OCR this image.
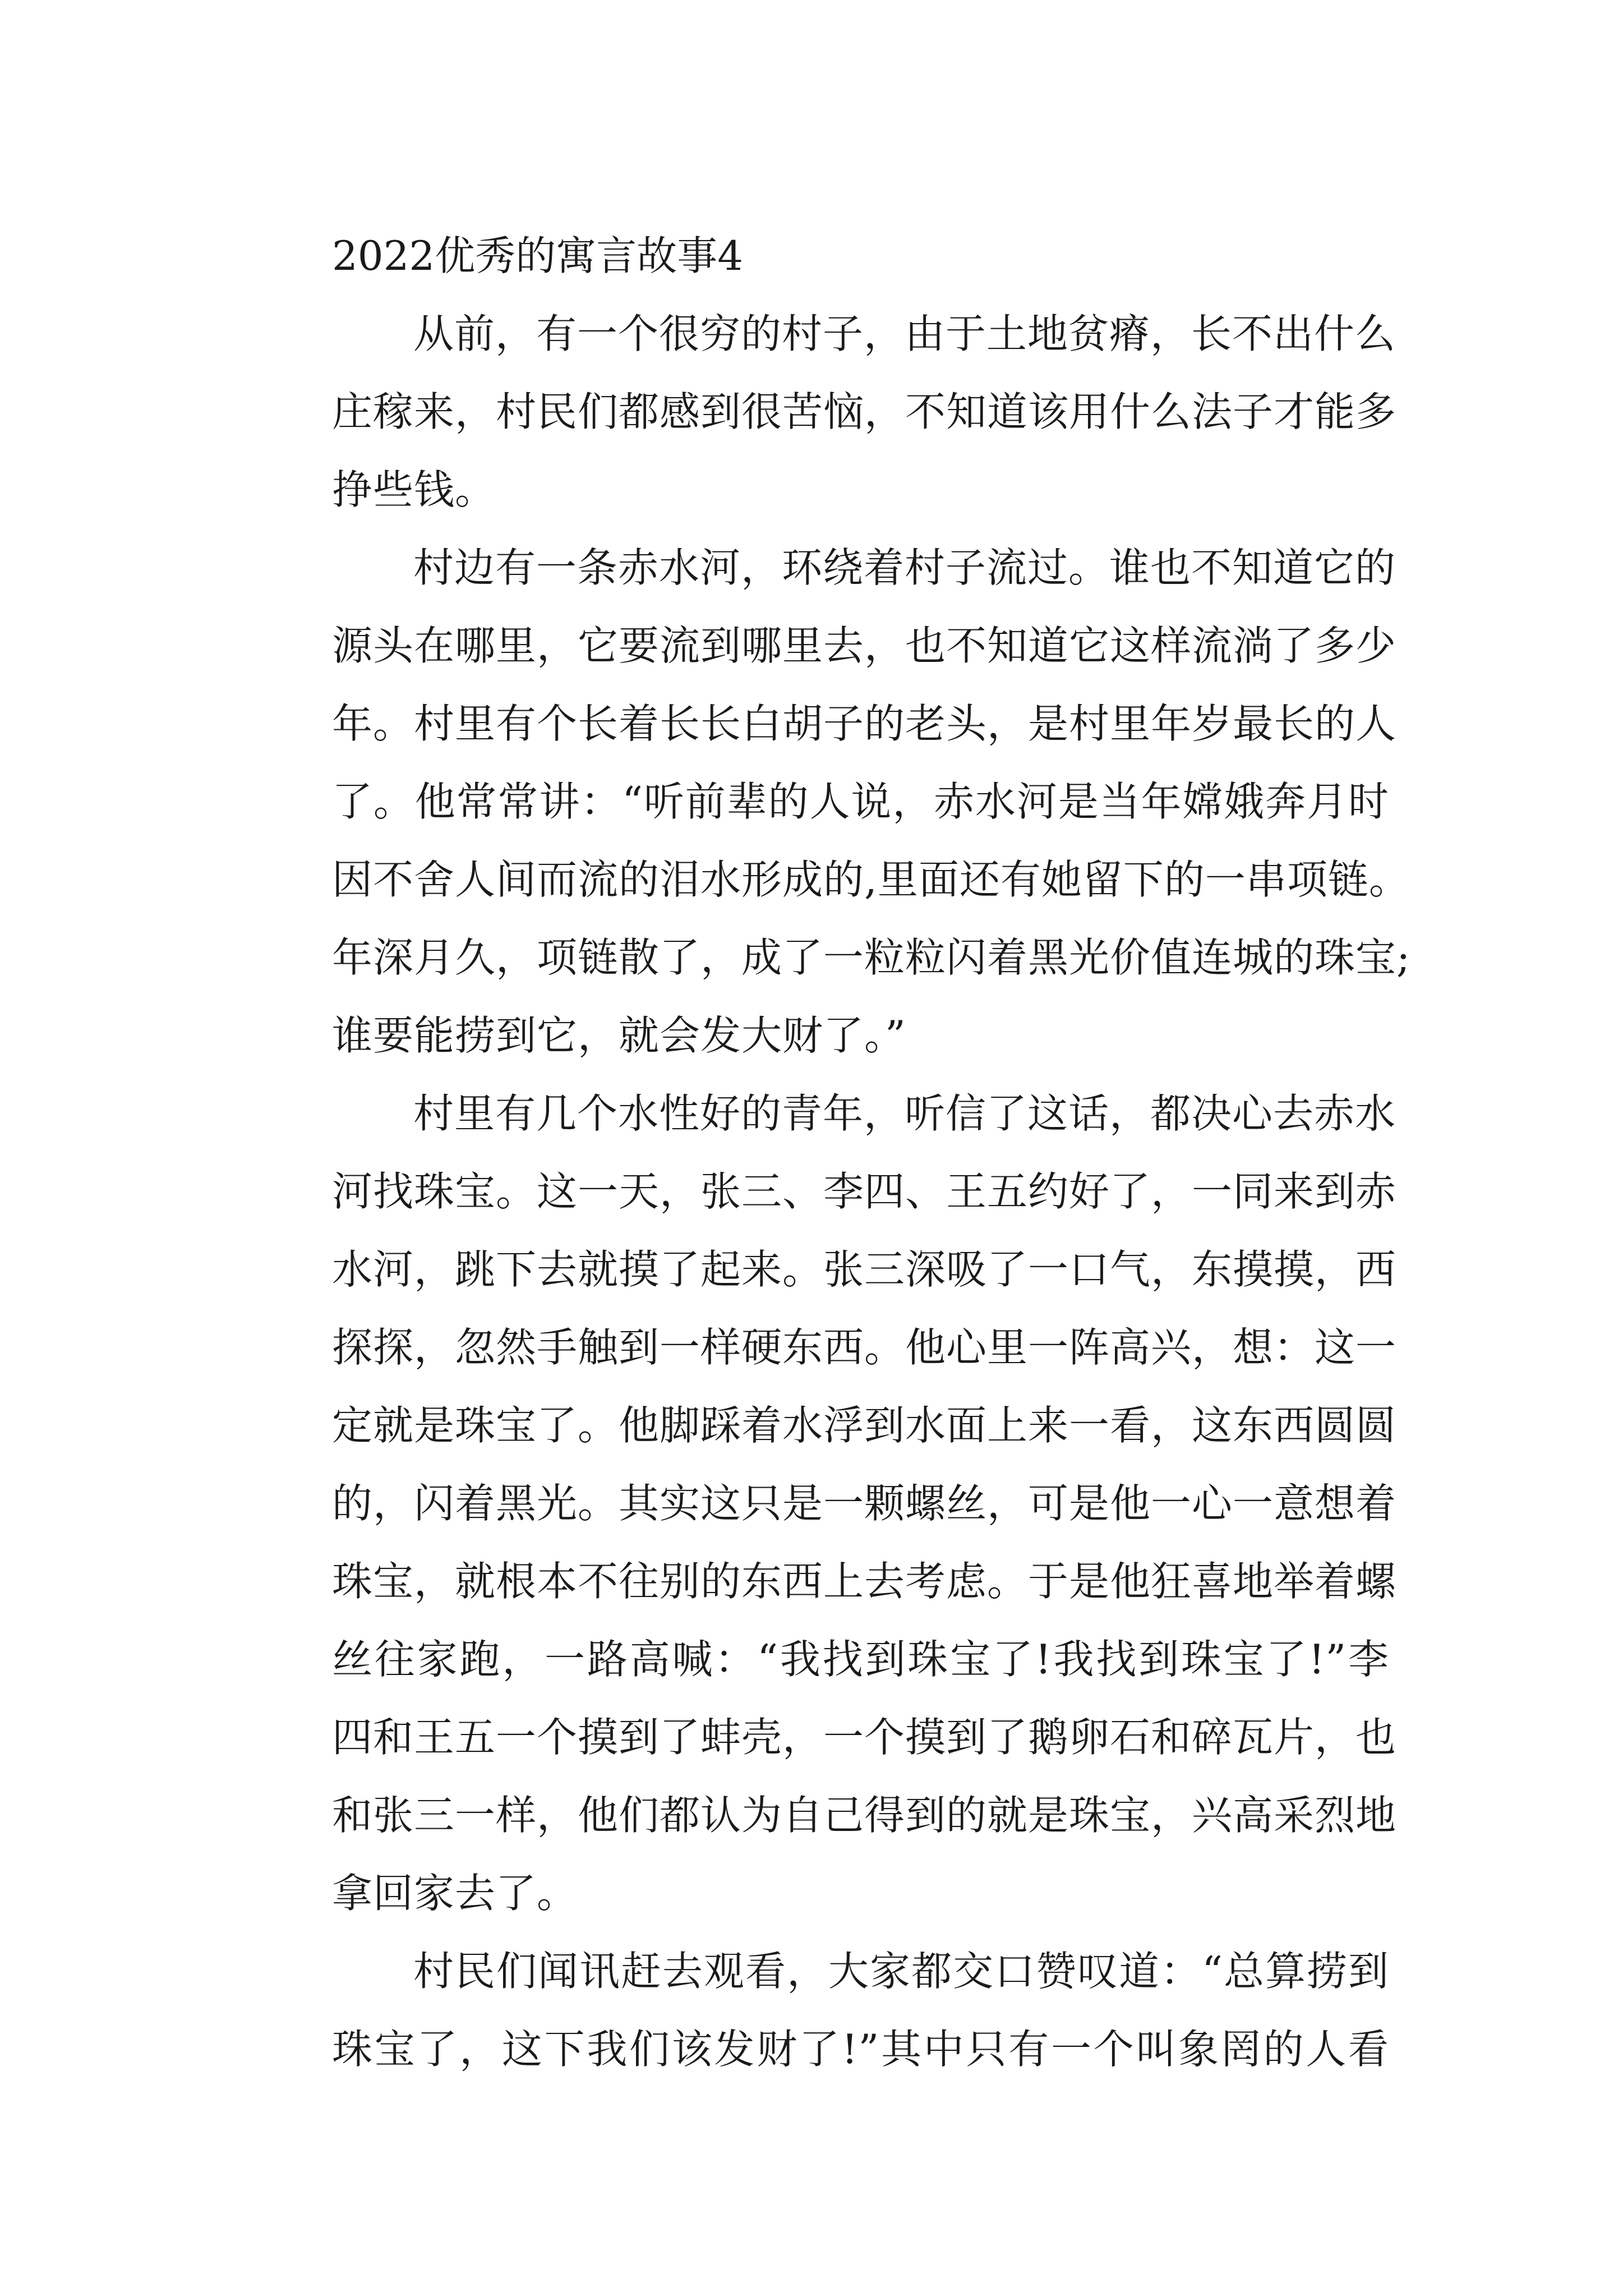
2022优秀的寓言故事4
从前，有一个很穷的村子，由于土地贫瘠，长不出什么
庄稼来，村民们都感到很苦恼，不知道该用什么法子才能多
挣些钱。
村边有一条赤水河，环绕着村子流过。谁也不知道它的
源头在哪里，它要流到哪里去，也不知道它这样流淌了多少
年。村里有个长着长长白胡子的老头，是村里年岁最长的人
了。他常常讲：“听前辈的人说，赤水河是当年嫦娥奔月时
因不舍人间而流的泪水形成的,里面还有她留下的一串项链。
年深月久，项链散了，成了一粒粒闪着黑光价值连城的珠宝;
谁要能捞到它，就会发大财了。”
村里有几个水性好的青年，听信了这话，都决心去赤水
河找珠宝。这一天，张三、李四、王五约好了，一同来到赤
水河，跳下去就摸了起来。张三深吸了一口气，东摸摸，西
探探，忽然手触到一样硬东西。他心里一阵高兴，想：这一
定就是珠宝了。他脚踩着水浮到水面上来一看，这东西圆圆
的，闪着黑光。其实这只是一颗螺丝，可是他一心一意想着
珠宝，就根本不往别的东西上去考虑。于是他狂喜地举着螺
丝往家跑，一路高喊：“我找到珠宝了!我找到珠宝了!”李
四和王五一个摸到了蚌壳，一个摸到了鹅卵石和碎瓦片，也
和张三一样，他们都认为自己得到的就是珠宝，兴高采烈地
拿回家去了。
村民们闻讯赶去观看，大家都交口赞叹道：“总算捞到
珠宝了，这下我们该发财了!”其中只有一个叫象罔的人看
